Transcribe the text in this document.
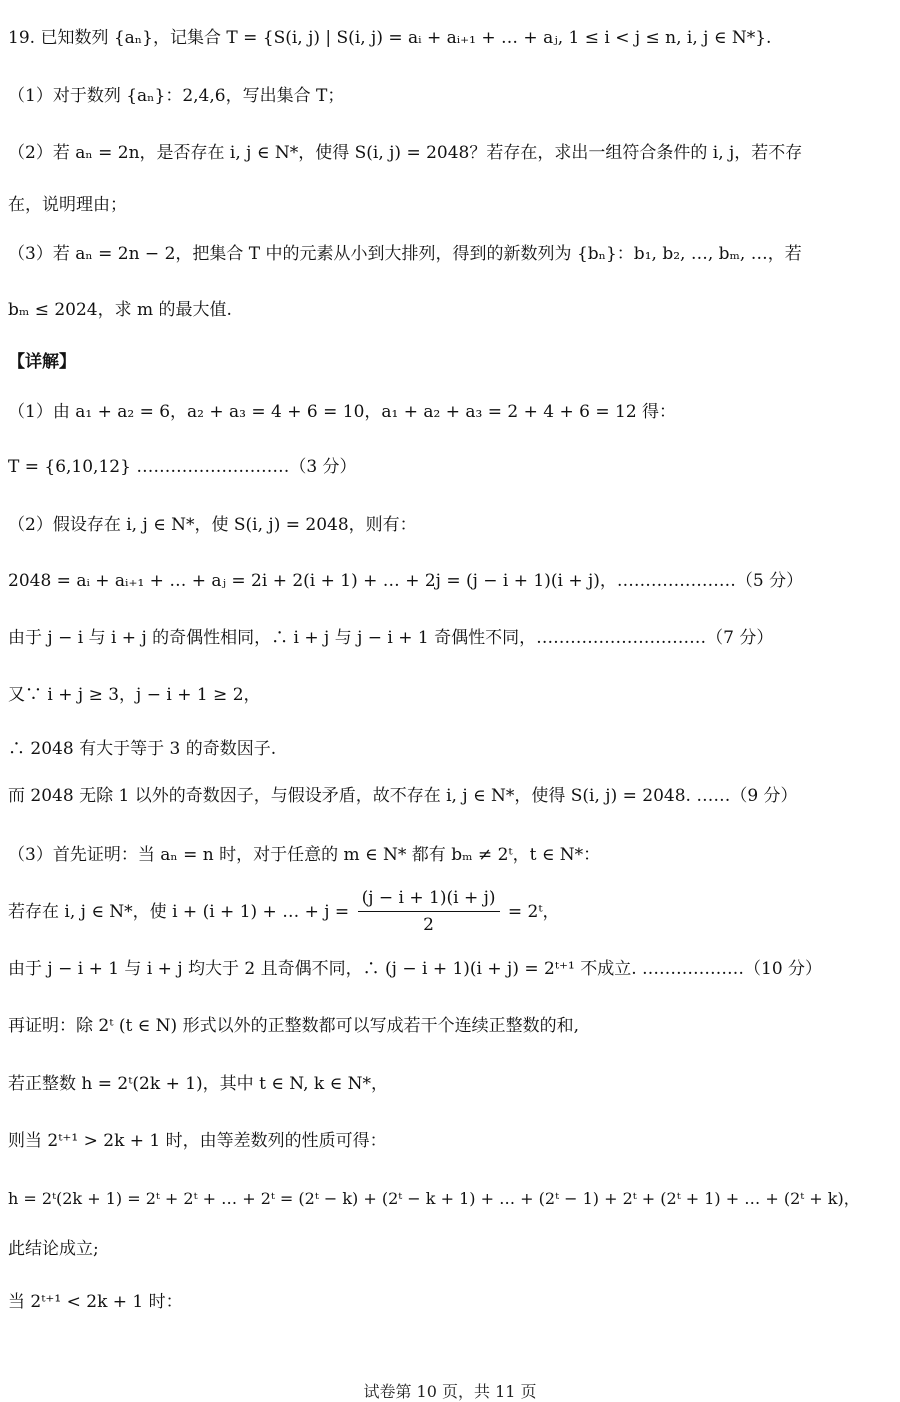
19. 已知数列 {aₙ}，记集合 T = {S(i, j) | S(i, j) = aᵢ + aᵢ₊₁ + … + aⱼ, 1 ≤ i < j ≤ n, i, j ∈ N*}.
（1）对于数列 {aₙ}：2,4,6，写出集合 T；
（2）若 aₙ = 2n，是否存在 i, j ∈ N*，使得 S(i, j) = 2048？若存在，求出一组符合条件的 i, j，若不存
在，说明理由；
（3）若 aₙ = 2n − 2，把集合 T 中的元素从小到大排列，得到的新数列为 {bₙ}：b₁, b₂, …, bₘ, …，若
bₘ ≤ 2024，求 m 的最大值.
【详解】
（1）由 a₁ + a₂ = 6，a₂ + a₃ = 4 + 6 = 10，a₁ + a₂ + a₃ = 2 + 4 + 6 = 12 得：
T = {6,10,12} ………………………（3 分）
（2）假设存在 i, j ∈ N*，使 S(i, j) = 2048，则有：
2048 = aᵢ + aᵢ₊₁ + … + aⱼ = 2i + 2(i + 1) + … + 2j = (j − i + 1)(i + j)，…………………（5 分）
由于 j − i 与 i + j 的奇偶性相同，∴ i + j 与 j − i + 1 奇偶性不同，…………………………（7 分）
又∵ i + j ≥ 3，j − i + 1 ≥ 2，
∴ 2048 有大于等于 3 的奇数因子.
而 2048 无除 1 以外的奇数因子，与假设矛盾，故不存在 i, j ∈ N*，使得 S(i, j) = 2048. ……（9 分）
（3）首先证明：当 aₙ = n 时，对于任意的 m ∈ N* 都有 bₘ ≠ 2ᵗ，t ∈ N*：
若存在 i, j ∈ N*，使 i + (i + 1) + … + $j = \frac{(j - i + 1)(i + j)}{2}$ = 2ᵗ，
由于 j − i + 1 与 i + j 均大于 2 且奇偶不同，∴ (j − i + 1)(i + j) = 2ᵗ⁺¹ 不成立. ………………（10 分）
再证明：除 2ᵗ (t ∈ N) 形式以外的正整数都可以写成若干个连续正整数的和,
若正整数 h = 2ᵗ(2k + 1)，其中 t ∈ N, k ∈ N*，
则当 2ᵗ⁺¹ > 2k + 1 时，由等差数列的性质可得：
h = 2ᵗ(2k + 1) = 2ᵗ + 2ᵗ + … + 2ᵗ = (2ᵗ − k) + (2ᵗ − k + 1) + … + (2ᵗ − 1) + 2ᵗ + (2ᵗ + 1) + … + (2ᵗ + k)，
此结论成立;
当 2ᵗ⁺¹ < 2k + 1 时：
试卷第 10 页，共 11 页
